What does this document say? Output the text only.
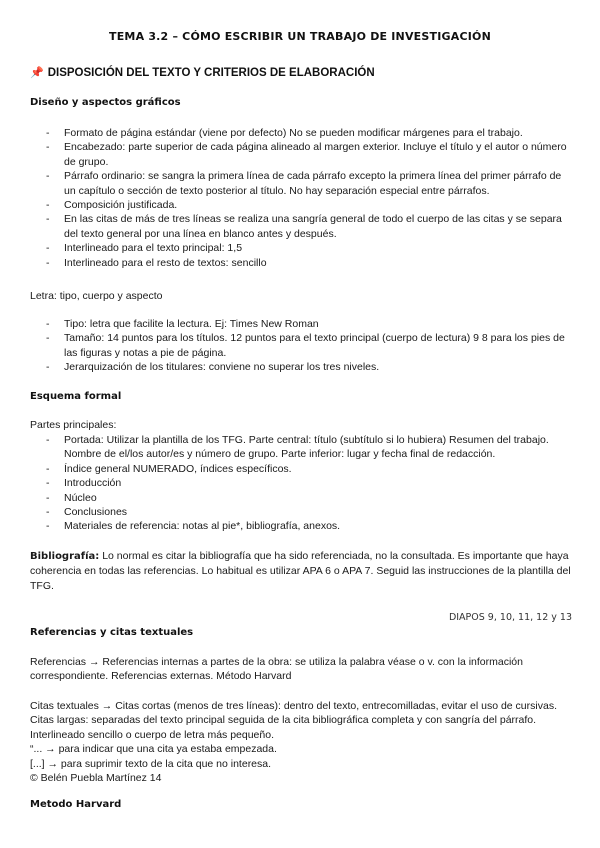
TEMA 3.2 – CÓMO ESCRIBIR UN TRABAJO DE INVESTIGACIÓN
📌 DISPOSICIÓN DEL TEXTO Y CRITERIOS DE ELABORACIÓN
Diseño y aspectos gráficos
- Formato de página estándar (viene por defecto) No se pueden modificar márgenes para el trabajo.
- Encabezado: parte superior de cada página alineado al margen exterior. Incluye el título y el autor o número de grupo.
- Párrafo ordinario: se sangra la primera línea de cada párrafo excepto la primera línea del primer párrafo de un capítulo o sección de texto posterior al título. No hay separación especial entre párrafos.
- Composición justificada.
- En las citas de más de tres líneas se realiza una sangría general de todo el cuerpo de las citas y se separa del texto general por una línea en blanco antes y después.
- Interlineado para el texto principal: 1,5
- Interlineado para el resto de textos: sencillo
Letra: tipo, cuerpo y aspecto
- Tipo: letra que facilite la lectura. Ej: Times New Roman
- Tamaño: 14 puntos para los títulos. 12 puntos para el texto principal (cuerpo de lectura) 9 8 para los pies de las figuras y notas a pie de página.
- Jerarquización de los titulares: conviene no superar los tres niveles.
Esquema formal
Partes principales:
- Portada: Utilizar la plantilla de los TFG. Parte central: título (subtítulo si lo hubiera) Resumen del trabajo. Nombre de el/los autor/es y número de grupo. Parte inferior: lugar y fecha final de redacción.
- Índice general NUMERADO, índices específicos.
- Introducción
- Núcleo
- Conclusiones
- Materiales de referencia: notas al pie*, bibliografía, anexos.
Bibliografía: Lo normal es citar la bibliografía que ha sido referenciada, no la consultada. Es importante que haya coherencia en todas las referencias. Lo habitual es utilizar APA 6 o APA 7. Seguid las instrucciones de la plantilla del TFG.
DIAPOS 9, 10, 11, 12 y 13
Referencias y citas textuales
Referencias → Referencias internas a partes de la obra: se utiliza la palabra véase o v. con la información correspondiente. Referencias externas. Método Harvard
Citas textuales → Citas cortas (menos de tres líneas): dentro del texto, entrecomilladas, evitar el uso de cursivas. Citas largas: separadas del texto principal seguida de la cita bibliográfica completa y con sangría del párrafo. Interlineado sencillo o cuerpo de letra más pequeño.
“... → para indicar que una cita ya estaba empezada.
[...] → para suprimir texto de la cita que no interesa.
© Belén Puebla Martínez 14
Metodo Harvard
